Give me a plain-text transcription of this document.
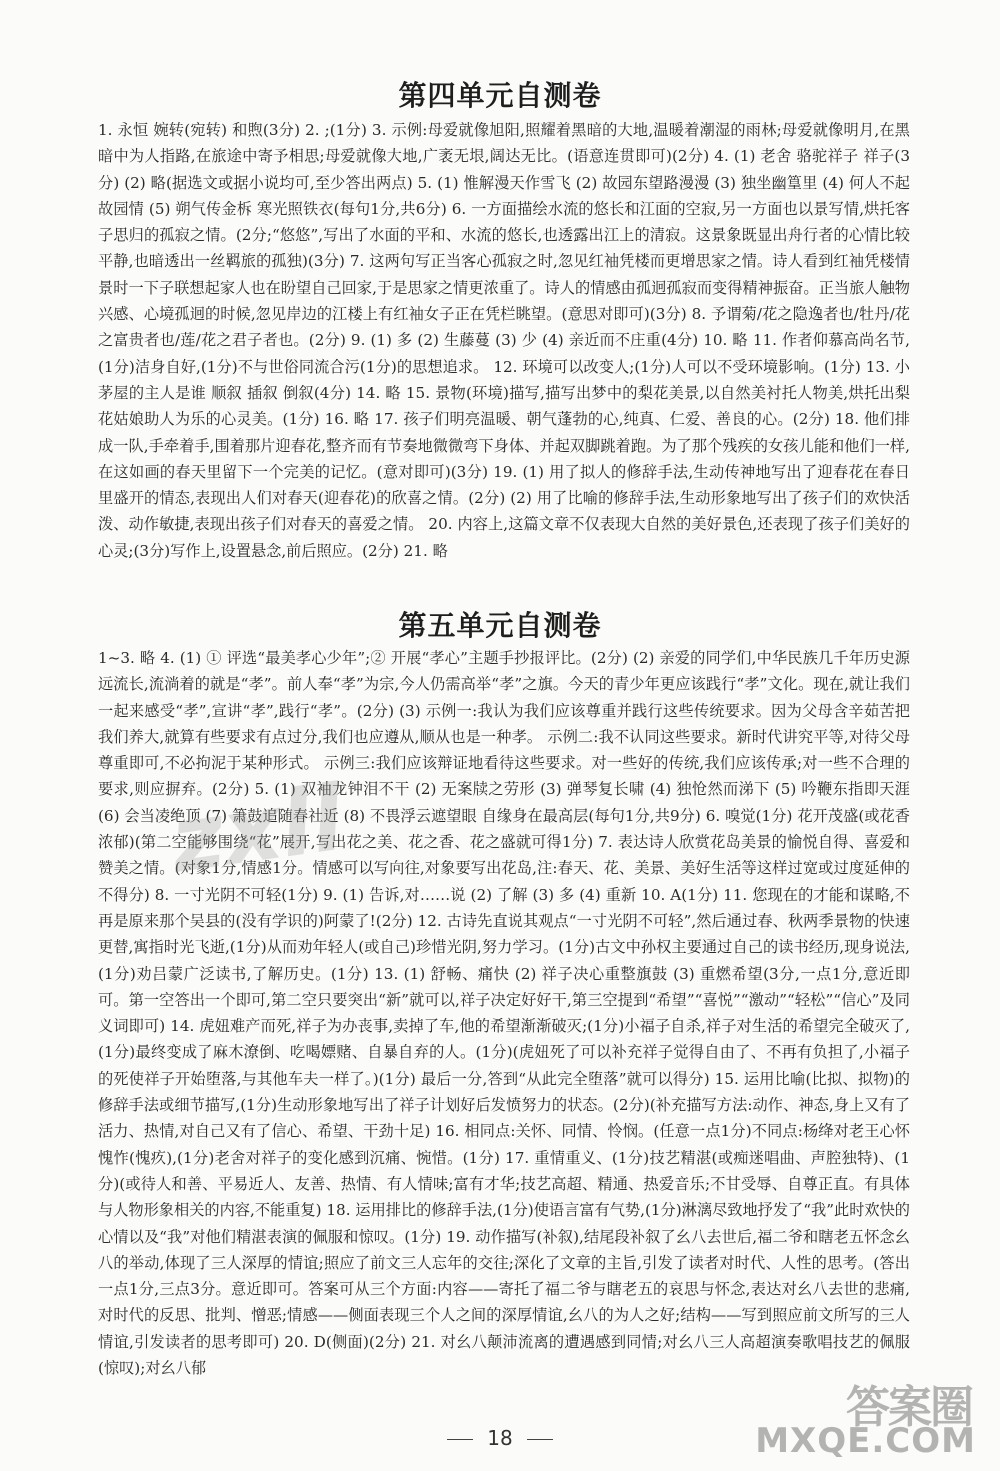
第四单元自测卷

1. 永恒 婉转(宛转) 和煦(3分) 2. ;(1分) 3. 示例:母爱就像旭阳,照耀着黑暗的大地,温暖着潮湿的雨林;母爱就像明月,在黑暗中为人指路,在旅途中寄予相思;母爱就像大地,广袤无垠,阔达无比。(语意连贯即可)(2分) 4. (1) 老舍 骆驼祥子 祥子(3分) (2) 略(据选文或据小说均可,至少答出两点) 5. (1) 惟解漫天作雪飞 (2) 故园东望路漫漫 (3) 独坐幽篁里 (4) 何人不起故园情 (5) 朔气传金柝 寒光照铁衣(每句1分,共6分) 6. 一方面描绘水流的悠长和江面的空寂,另一方面也以景写情,烘托客子思归的孤寂之情。(2分;“悠悠”,写出了水面的平和、水流的悠长,也透露出江上的清寂。这景象既显出舟行者的心情比较平静,也暗透出一丝羁旅的孤独)(3分) 7. 这两句写正当客心孤寂之时,忽见红袖凭楼而更增思家之情。诗人看到红袖凭楼情景时一下子联想起家人也在盼望自己回家,于是思家之情更浓重了。诗人的情感由孤迥孤寂而变得精神振奋。正当旅人触物兴感、心境孤迥的时候,忽见岸边的江楼上有红袖女子正在凭栏眺望。(意思对即可)(3分) 8. 予谓菊/花之隐逸者也/牡丹/花之富贵者也/莲/花之君子者也。(2分) 9. (1) 多 (2) 生藤蔓 (3) 少 (4) 亲近而不庄重(4分) 10. 略 11. 作者仰慕高尚名节,(1分)洁身自好,(1分)不与世俗同流合污(1分)的思想追求。 12. 环境可以改变人;(1分)人可以不受环境影响。(1分) 13. 小茅屋的主人是谁 顺叙 插叙 倒叙(4分) 14. 略 15. 景物(环境)描写,描写出梦中的梨花美景,以自然美衬托人物美,烘托出梨花姑娘助人为乐的心灵美。(1分) 16. 略 17. 孩子们明亮温暖、朝气蓬勃的心,纯真、仁爱、善良的心。(2分) 18. 他们排成一队,手牵着手,围着那片迎春花,整齐而有节奏地微微弯下身体、并起双脚跳着跑。为了那个残疾的女孩儿能和他们一样,在这如画的春天里留下一个完美的记忆。(意对即可)(3分) 19. (1) 用了拟人的修辞手法,生动传神地写出了迎春花在春日里盛开的情态,表现出人们对春天(迎春花)的欣喜之情。(2分) (2) 用了比喻的修辞手法,生动形象地写出了孩子们的欢快活泼、动作敏捷,表现出孩子们对春天的喜爱之情。 20. 内容上,这篇文章不仅表现大自然的美好景色,还表现了孩子们美好的心灵;(3分)写作上,设置悬念,前后照应。(2分) 21. 略

第五单元自测卷

1~3. 略 4. (1) ① 评选“最美孝心少年”;② 开展“孝心”主题手抄报评比。(2分) (2) 亲爱的同学们,中华民族几千年历史源远流长,流淌着的就是“孝”。前人奉“孝”为宗,今人仍需高举“孝”之旗。今天的青少年更应该践行“孝”文化。现在,就让我们一起来感受“孝”,宣讲“孝”,践行“孝”。(2分) (3) 示例一:我认为我们应该尊重并践行这些传统要求。因为父母含辛茹苦把我们养大,就算有些要求有点过分,我们也应遵从,顺从也是一种孝。 示例二:我不认同这些要求。新时代讲究平等,对待父母尊重即可,不必拘泥于某种形式。 示例三:我们应该辩证地看待这些要求。对一些好的传统,我们应该传承;对一些不合理的要求,则应摒弃。(2分) 5. (1) 双袖龙钟泪不干 (2) 无案牍之劳形 (3) 弹琴复长啸 (4) 独怆然而涕下 (5) 吟鞭东指即天涯 (6) 会当凌绝顶 (7) 箫鼓追随春社近 (8) 不畏浮云遮望眼 自缘身在最高层(每句1分,共9分) 6. 嗅觉(1分) 花开茂盛(或花香浓郁)(第二空能够围绕“花”展开,写出花之美、花之香、花之盛就可得1分) 7. 表达诗人欣赏花岛美景的愉悦自得、喜爱和赞美之情。(对象1分,情感1分。情感可以写向往,对象要写出花岛,注:春天、花、美景、美好生活等这样过宽或过度延伸的不得分) 8. 一寸光阴不可轻(1分) 9. (1) 告诉,对……说 (2) 了解 (3) 多 (4) 重新 10. A(1分) 11. 您现在的才能和谋略,不再是原来那个吴县的(没有学识的)阿蒙了!(2分) 12. 古诗先直说其观点“一寸光阴不可轻”,然后通过春、秋两季景物的快速更替,寓指时光飞逝,(1分)从而劝年轻人(或自己)珍惜光阴,努力学习。(1分)古文中孙权主要通过自己的读书经历,现身说法,(1分)劝吕蒙广泛读书,了解历史。(1分) 13. (1) 舒畅、痛快 (2) 祥子决心重整旗鼓 (3) 重燃希望(3分,一点1分,意近即可。第一空答出一个即可,第二空只要突出“新”就可以,祥子决定好好干,第三空提到“希望”“喜悦”“激动”“轻松”“信心”及同义词即可) 14. 虎妞难产而死,祥子为办丧事,卖掉了车,他的希望渐渐破灭;(1分)小福子自杀,祥子对生活的希望完全破灭了,(1分)最终变成了麻木潦倒、吃喝嫖赌、自暴自弃的人。(1分)(虎妞死了可以补充祥子觉得自由了、不再有负担了,小福子的死使祥子开始堕落,与其他车夫一样了。)(1分) 最后一分,答到“从此完全堕落”就可以得分) 15. 运用比喻(比拟、拟物)的修辞手法或细节描写,(1分)生动形象地写出了祥子计划好后发愤努力的状态。(2分)(补充描写方法:动作、神态,身上又有了活力、热情,对自己又有了信心、希望、干劲十足) 16. 相同点:关怀、同情、怜悯。(任意一点1分)不同点:杨绛对老王心怀愧怍(愧疚),(1分)老舍对祥子的变化感到沉痛、惋惜。(1分) 17. 重情重义、(1分)技艺精湛(或痴迷唱曲、声腔独特)、(1分)(或待人和善、平易近人、友善、热情、有人情味;富有才华;技艺高超、精通、热爱音乐;不甘受辱、自尊正直。有具体与人物形象相关的内容,不能重复) 18. 运用排比的修辞手法,(1分)使语言富有气势,(1分)淋漓尽致地抒发了“我”此时欢快的心情以及“我”对他们精湛表演的佩服和惊叹。(1分) 19. 动作描写(补叙),结尾段补叙了幺八去世后,福二爷和瞎老五怀念幺八的举动,体现了三人深厚的情谊;照应了前文三人忘年的交往;深化了文章的主旨,引发了读者对时代、人性的思考。(答出一点1分,三点3分。意近即可。答案可从三个方面:内容——寄托了福二爷与瞎老五的哀思与怀念,表达对幺八去世的悲痛,对时代的反思、批判、憎恶;情感——侧面表现三个人之间的深厚情谊,幺八的为人之好;结构——写到照应前文所写的三人情谊,引发读者的思考即可) 20. D(侧面)(2分) 21. 对幺八颠沛流离的遭遇感到同情;对幺八三人高超演奏歌唱技艺的佩服(惊叹);对幺八郁

zxll
18
答案圈
MXQE.COM
